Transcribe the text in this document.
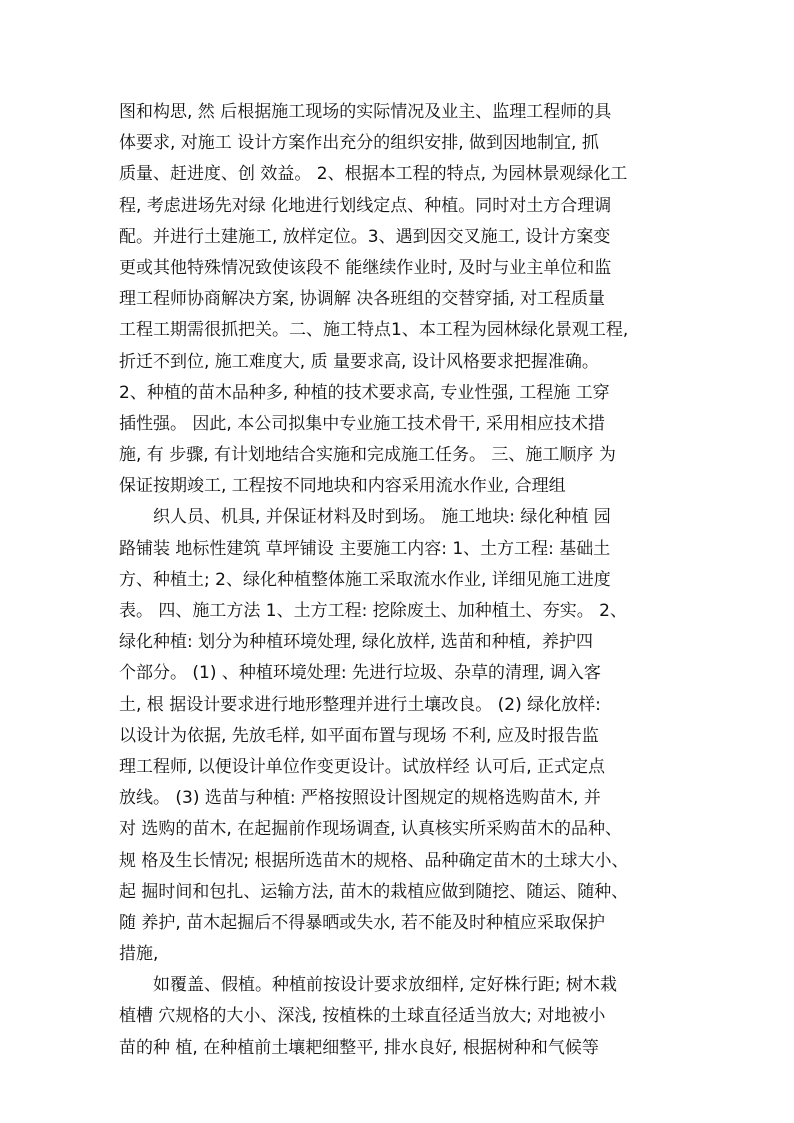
图和构思, 然 后根据施工现场的实际情况及业主、监理工程师的具
体要求, 对施工 设计方案作出充分的组织安排, 做到因地制宜, 抓
质量、赶进度、创 效益。 2、根据本工程的特点, 为园林景观绿化工
程, 考虑进场先对绿 化地进行划线定点、种植。同时对土方合理调
配。并进行土建施工, 放样定位。3、遇到因交叉施工, 设计方案变
更或其他特殊情况致使该段不 能继续作业时, 及时与业主单位和监
理工程师协商解决方案, 协调解 决各班组的交替穿插, 对工程质量
工程工期需很抓把关。二、施工特点1、本工程为园林绿化景观工程,
折迁不到位, 施工难度大, 质 量要求高, 设计风格要求把握准确。
2、种植的苗木品种多, 种植的技术要求高, 专业性强, 工程施 工穿
插性强。 因此, 本公司拟集中专业施工技术骨干, 采用相应技术措
施, 有 步骤, 有计划地结合实施和完成施工任务。 三、施工顺序 为
保证按期竣工, 工程按不同地块和内容采用流水作业, 合理组
织人员、机具, 并保证材料及时到场。 施工地块: 绿化种植 园
路铺装 地标性建筑 草坪铺设 主要施工内容: 1、土方工程: 基础土
方、种植土; 2、绿化种植整体施工采取流水作业, 详细见施工进度
表。 四、施工方法 1、土方工程: 挖除废土、加种植土、夯实。 2、
绿化种植: 划分为种植环境处理, 绿化放样, 选苗和种植,  养护四
个部分。 (1) 、种植环境处理: 先进行垃圾、杂草的清理, 调入客
土, 根 据设计要求进行地形整理并进行土壤改良。 (2) 绿化放样:
以设计为依据, 先放毛样, 如平面布置与现场 不利, 应及时报告监
理工程师, 以便设计单位作变更设计。试放样经 认可后, 正式定点
放线。 (3) 选苗与种植: 严格按照设计图规定的规格选购苗木, 并
对 选购的苗木, 在起掘前作现场调查, 认真核实所采购苗木的品种、
规 格及生长情况; 根据所选苗木的规格、品种确定苗木的土球大小、
起 掘时间和包扎、运输方法, 苗木的栽植应做到随挖、随运、随种、
随 养护, 苗木起掘后不得暴晒或失水, 若不能及时种植应采取保护
措施,
如覆盖、假植。种植前按设计要求放细样, 定好株行距; 树木栽
植槽 穴规格的大小、深浅, 按植株的土球直径适当放大; 对地被小
苗的种 植, 在种植前土壤耙细整平, 排水良好, 根据树种和气候等
